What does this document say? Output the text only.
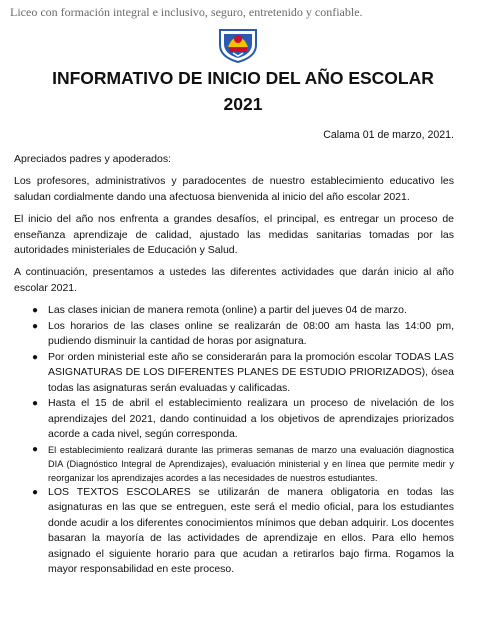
Liceo con formación integral e inclusivo, seguro, entretenido y confiable.
INFORMATIVO DE INICIO DEL AÑO ESCOLAR
2021
Calama 01 de marzo, 2021.

Apreciados padres y apoderados:

Los profesores, administrativos y paradocentes de nuestro establecimiento educativo les saludan cordialmente dando una afectuosa bienvenida al inicio del año escolar 2021.

El inicio del año nos enfrenta a grandes desafíos, el principal, es entregar un proceso de enseñanza aprendizaje de calidad, ajustado las medidas sanitarias tomadas por las autoridades ministeriales de Educación y Salud.

A continuación, presentamos a ustedes las diferentes actividades que darán inicio al año escolar 2021.

● Las clases inician de manera remota (online) a partir del jueves 04 de marzo.
● Los horarios de las clases online se realizarán de 08:00 am hasta las 14:00 pm, pudiendo disminuir la cantidad de horas por asignatura.
● Por orden ministerial este año se considerarán para la promoción escolar TODAS LAS ASIGNATURAS DE LOS DIFERENTES PLANES DE ESTUDIO PRIORIZADOS), ósea todas las asignaturas serán evaluadas y calificadas.
● Hasta el 15 de abril el establecimiento realizara un proceso de nivelación de los aprendizajes del 2021, dando continuidad a los objetivos de aprendizajes priorizados acorde a cada nivel, según corresponda.
● El establecimiento realizará durante las primeras semanas de marzo una evaluación diagnostica DIA (Diagnóstico Integral de Aprendizajes), evaluación ministerial y en línea que permite medir y reorganizar los aprendizajes acordes a las necesidades de nuestros estudiantes.
● LOS TEXTOS ESCOLARES se utilizarán de manera obligatoria en todas las asignaturas en las que se entreguen, este será el medio oficial, para los estudiantes donde acudir a los diferentes conocimientos mínimos que deban adquirir. Los docentes basaran la mayoría de las actividades de aprendizaje en ellos. Para ello hemos asignado el siguiente horario para que acudan a retirarlos bajo firma. Rogamos la mayor responsabilidad en este proceso.
